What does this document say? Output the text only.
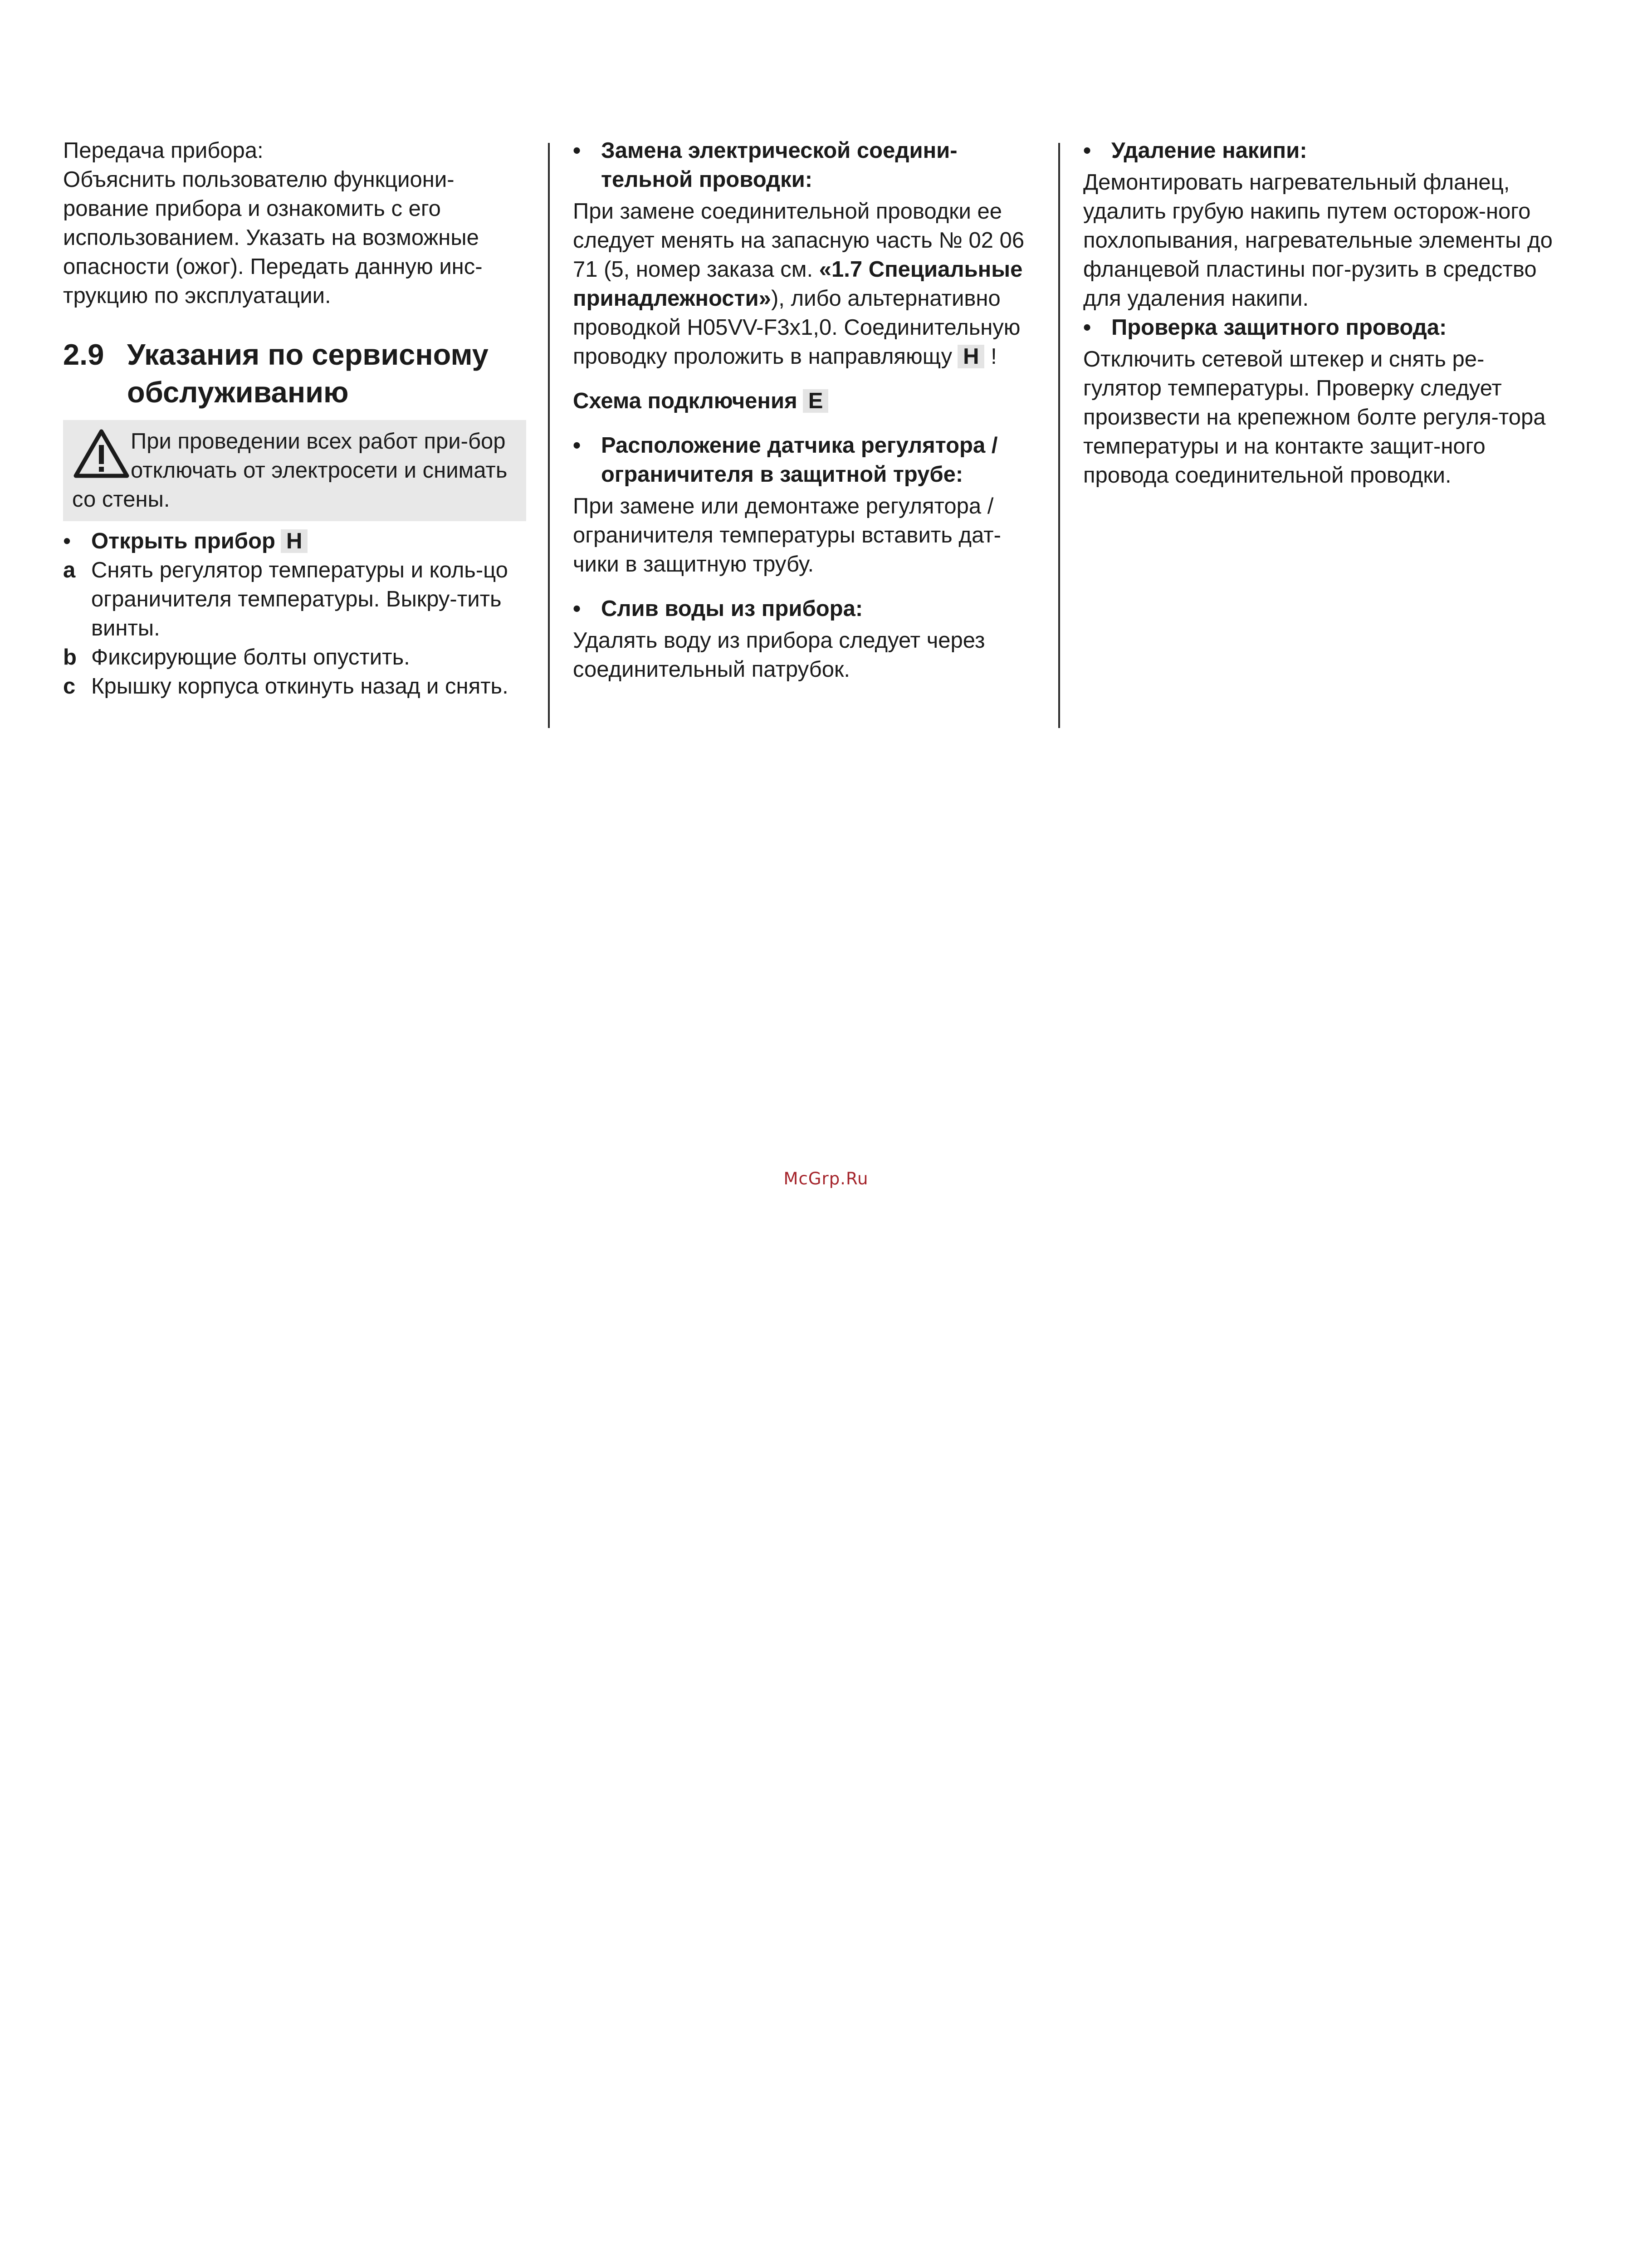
Передача прибора:

Объяснить пользователю функциони-рование прибора и ознакомить с его использованием. Указать на возможные опасности (ожог). Передать данную инс-трукцию по эксплуатации.

2.9 Указания по сервисному обслуживанию

При проведении всех работ при-бор отключать от электросети и снимать со стены.

• Открыть прибор H
a Снять регулятор температуры и коль-цо ограничителя температуры. Выкру-тить винты.

b Фиксирующие болты опустить.

c Крышку корпуса откинуть назад и снять.

• Замена электрической соедини-тельной проводки:

При замене соединительной проводки ее следует менять на запасную часть № 02 06 71 (5, номер заказа см. «1.7 Специальные принадлежности»), либо альтернативно проводкой H05VV-F3x1,0. Соединительную проводку проложить в направляющу H !

Схема подключения E

• Расположение датчика регулятора / ограничителя в защитной трубе:

При замене или демонтаже регулятора / ограничителя температуры вставить дат-чики в защитную трубу.

• Слив воды из прибора:

Удалять воду из прибора следует через соединительный патрубок.

• Удаление накипи:

Демонтировать нагревательный фланец, удалить грубую накипь путем осторож-ного похлопывания, нагревательные элементы до фланцевой пластины пог-рузить в средство для удаления накипи.

• Проверка защитного провода:

Отключить сетевой штекер и снять ре-гулятор температуры. Проверку следует произвести на крепежном болте регуля-тора температуры и на контакте защит-ного провода соединительной проводки.

McGrp.Ru
